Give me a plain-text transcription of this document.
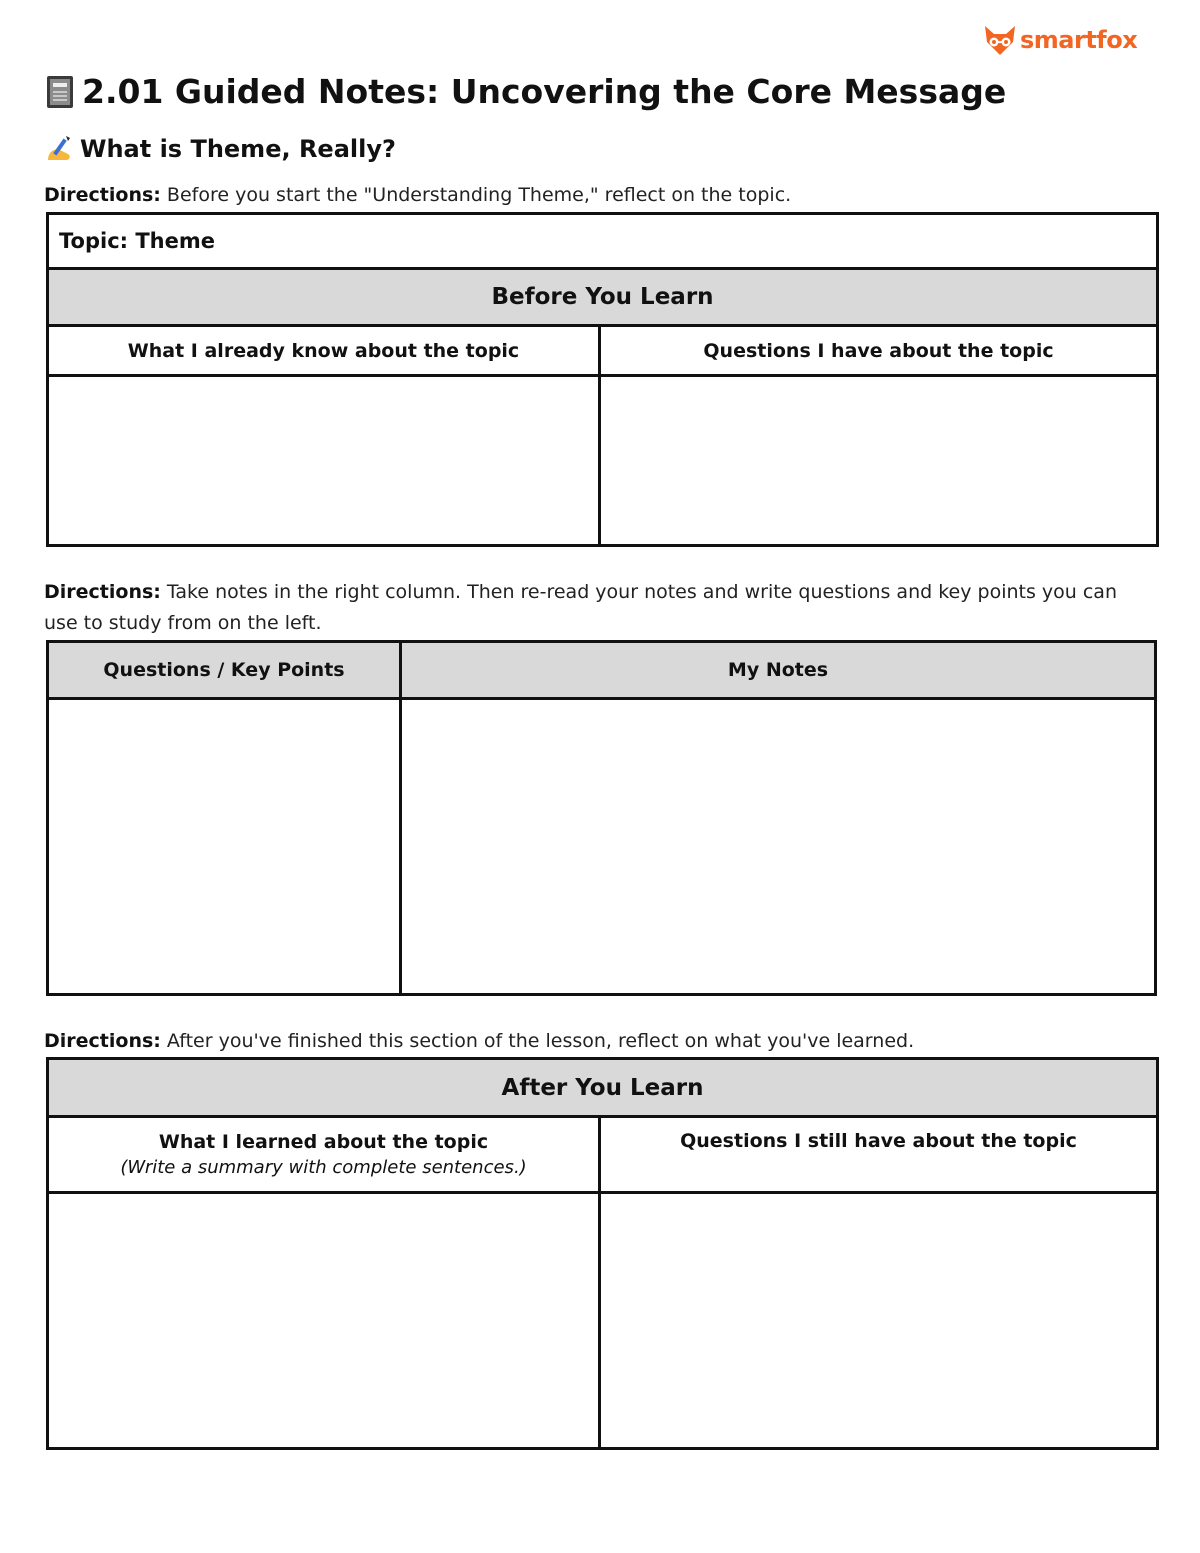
smartfox
2.01 Guided Notes: Uncovering the Core Message
What is Theme, Really?
Directions: Before you start the "Understanding Theme," reflect on the topic.
Topic: Theme	
Before You Learn	
What I already know about the topic	Questions I have about the topic

Directions: Take notes in the right column. Then re-read your notes and write questions and key points you can use to study from on the left.
Questions / Key Points	My Notes

Directions: After you've finished this section of the lesson, reflect on what you've learned.
After You Learn	
What I learned about the topic
(Write a summary with complete sentences.)	Questions I still have about the topic
